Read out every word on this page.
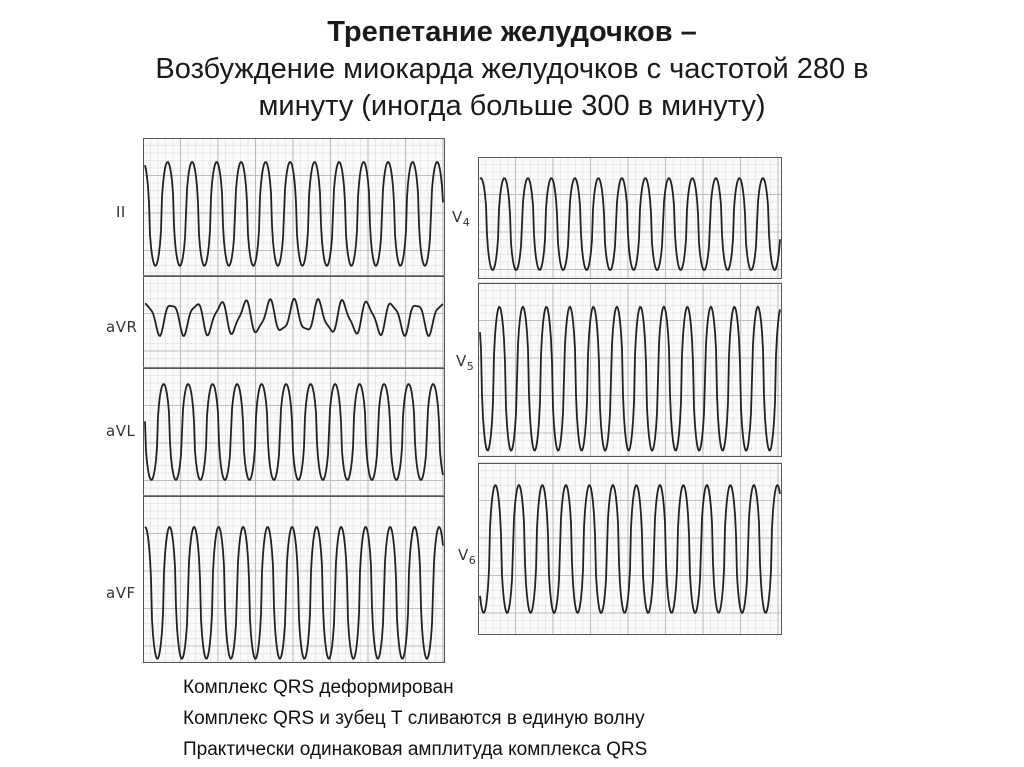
Трепетание желудочков –
Возбуждение миокарда желудочков с частотой 280 в
минуту (иногда больше 300 в минуту)
II
aVR
aVL
aVF
$V_4$
$V_5$
$V_6$
Комплекс QRS деформирован
Комплекс QRS и зубец Т сливаются в единую волну
Практически одинаковая амплитуда комплекса QRS
